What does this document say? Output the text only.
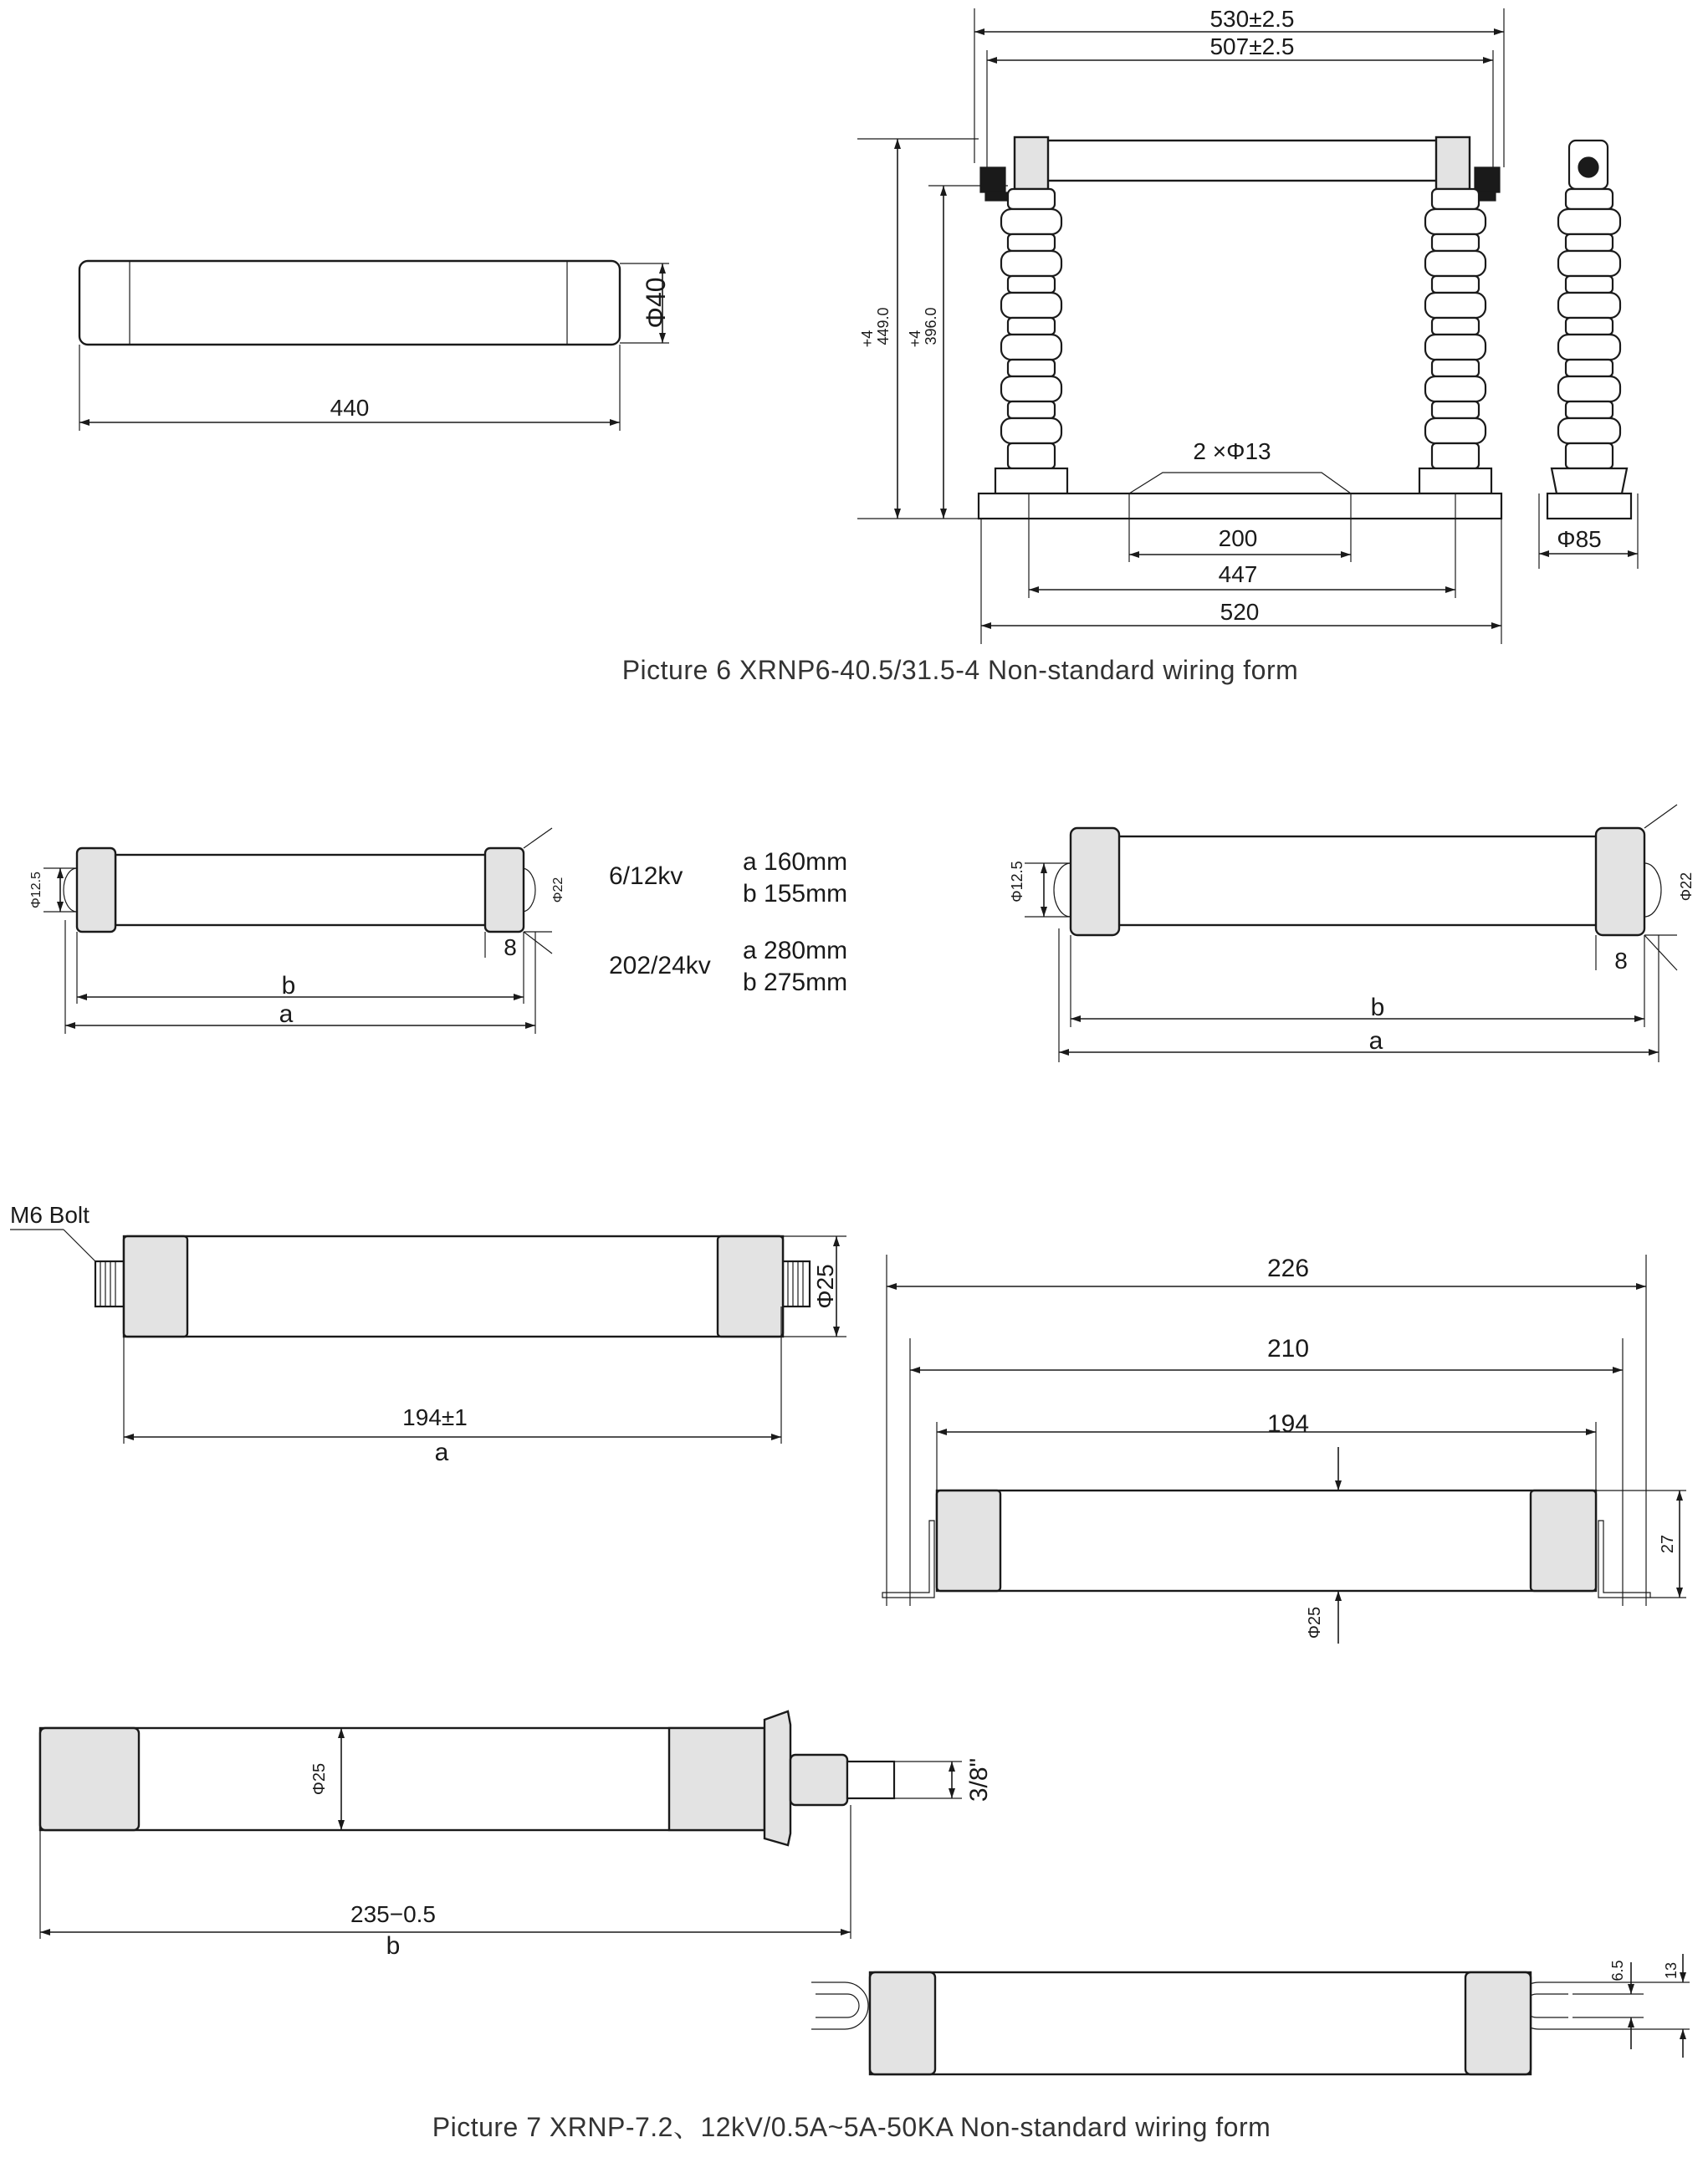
Φ40
440
530±2.5
507±2.5
+4 449.0 +4 396.0
2 ×Φ13
200
447
520
Φ85
Picture 6 XRNP6-40.5/31.5-4 Non-standard wiring form
Φ12.5	Φ22
8
b
a
6/12kv
a 160mm
b 155mm
202/24kv
a 280mm
b 275mm
Φ12.5	Φ22
8
b
a
M6 Bolt
Φ25
194±1
a
226
210
194
Φ25
27
Φ25	3/8"
235−0.5
b
6.5 13
Picture 7 XRNP-7.2、12kV/0.5A~5A-50KA Non-standard wiring form
